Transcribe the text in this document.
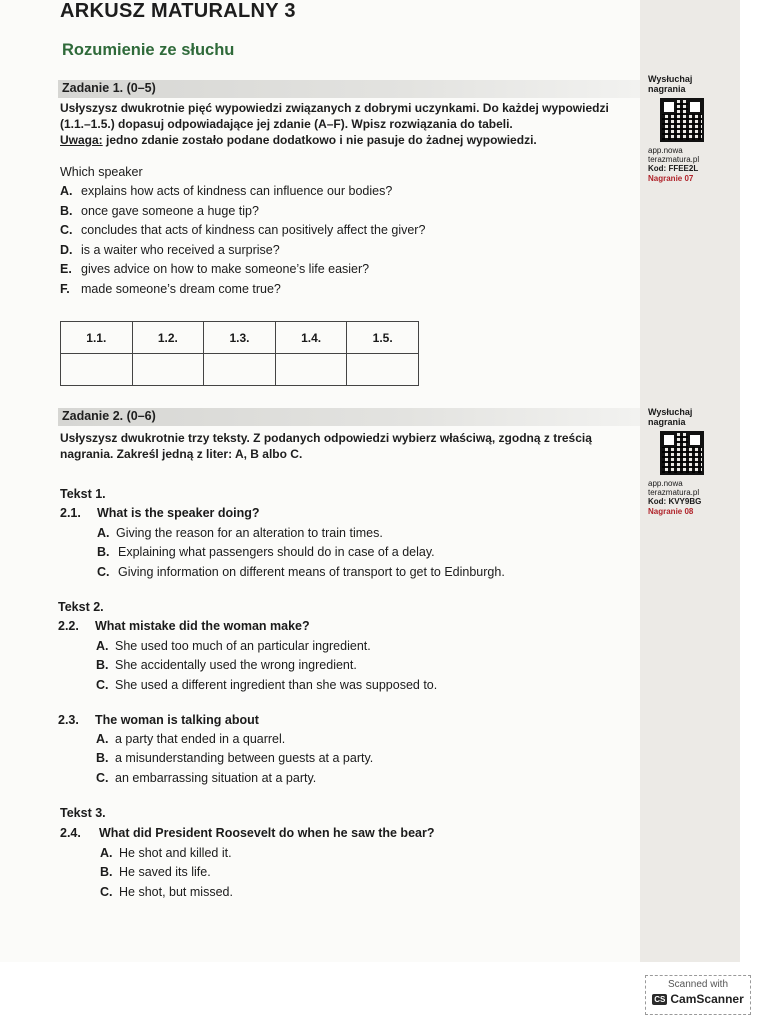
ARKUSZ MATURALNY 3
Rozumienie ze słuchu
Zadanie 1. (0–5)

Usłyszysz dwukrotnie pięć wypowiedzi związanych z dobrymi uczynkami. Do każdej wypowiedzi

(1.1.–1.5.) dopasuj odpowiadające jej zdanie (A–F). Wpisz rozwiązania do tabeli.

Uwaga: jedno zdanie zostało podane dodatkowo i nie pasuje do żadnej wypowiedzi.

Which speaker
A. explains how acts of kindness can influence our bodies?
B. once gave someone a huge tip?
C. concludes that acts of kindness can positively affect the giver?
D. is a waiter who received a surprise?
E. gives advice on how to make someone’s life easier?
F. made someone’s dream come true?
1.1.	1.2.	1.3.	1.4.	1.5.

Wysłuchaj
nagrania
app.nowa
terazmatura.pl
Kod: FFEE2L
Nagranie 07
Zadanie 2. (0–6)

Usłyszysz dwukrotnie trzy teksty. Z podanych odpowiedzi wybierz właściwą, zgodną z treścią

nagrania. Zakreśl jedną z liter: A, B albo C.

Wysłuchaj
nagrania
app.nowa
terazmatura.pl
Kod: KVY9BG
Nagranie 08
Tekst 1.
2.1. What is the speaker doing?
A. Giving the reason for an alteration to train times.
B. Explaining what passengers should do in case of a delay.
C. Giving information on different means of transport to get to Edinburgh.
Tekst 2.
2.2. What mistake did the woman make?
A. She used too much of an particular ingredient.
B. She accidentally used the wrong ingredient.
C. She used a different ingredient than she was supposed to.
2.3. The woman is talking about
A. a party that ended in a quarrel.
B. a misunderstanding between guests at a party.
C. an embarrassing situation at a party.
Tekst 3.
2.4. What did President Roosevelt do when he saw the bear?
A. He shot and killed it.
B. He saved its life.
C. He shot, but missed.
Scanned with
CS CamScanner
